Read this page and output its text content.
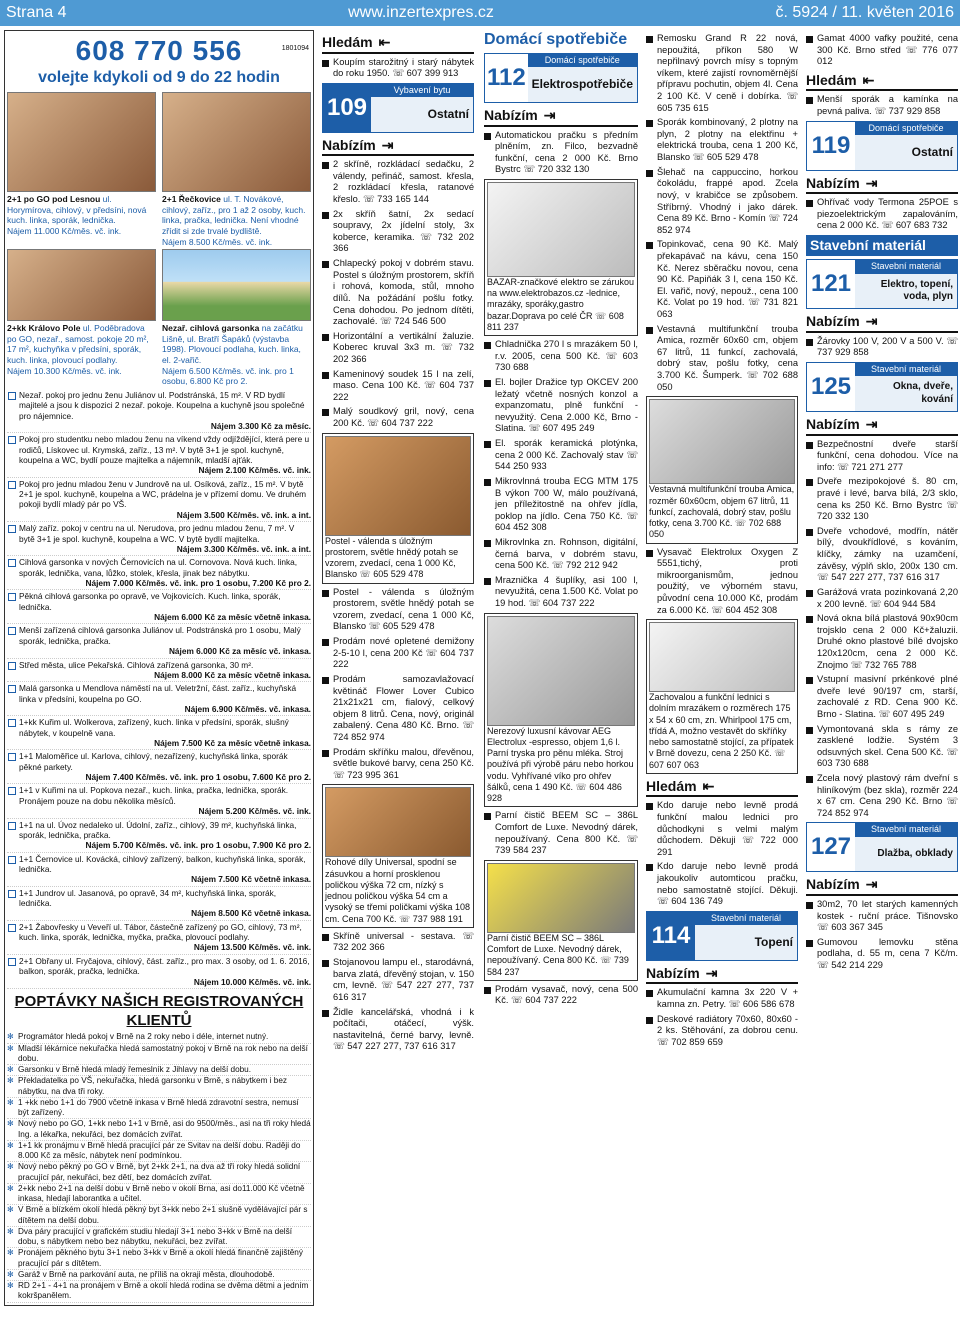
Strana 4	www.inzertexpres.cz	č. 5924 / 11. květen 2016
1801094
608 770 556
volejte kdykoli od 9 do 22 hodin
2+1 po GO pod Lesnou ul. Horymírova, cihlový, v předsíni, nová kuch. linka, sporák, lednička.
Nájem 11.000 Kč/měs. vč. ink.
2+1 Řečkovice ul. T. Novákové, cihlový, zaříz., pro 1 až 2 osoby, kuch. linka, pračka, lednička. Není vhodné zřídit si zde trvalé bydliště.
Nájem 8.500 Kč/měs. vč. ink.
2+kk Královo Pole ul. Poděbradova po GO, nezař., samost. pokoje 20 m², 17 m², kuchyňka v předsíni, sporák, kuch. linka, plovoucí podlahy.
Nájem 10.300 Kč/měs. vč. ink.
Nezař. cihlová garsonka na začátku Lišně, ul. Bratří Šapáků (výstavba 1998). Plovoucí podlaha, kuch. linka, el. 2-vařič.
Nájem 6.500 Kč/měs. vč. ink. pro 1 osobu, 6.800 Kč pro 2.
Nezař. pokoj pro jednu ženu Juliánov ul. Podstránská, 15 m². V RD bydlí majitelé a jsou k dispozici 2 nezař. pokoje. Koupelna a kuchyně jsou společné pro nájemnice.
Nájem 3.300 Kč za měsíc.
Pokoj pro studentku nebo mladou ženu na víkend vždy odjíždějící, která pere u rodičů, Lískovec ul. Krymská, zaříz., 13 m². V bytě 3+1 je spol. kuchyně, koupelna a WC, bydlí pouze majitelka a nájemník, mladší ajťák.
Nájem 2.100 Kč/měs. vč. ink.
Pokoj pro jednu mladou ženu v Jundrově na ul. Osíková, zaříz., 15 m². V bytě 2+1 je spol. kuchyně, koupelna a WC, prádelna je v přízemí domu. Ve druhém pokoji bydlí mladý pár po VŠ.
Nájem 3.500 Kč/měs. vč. ink. a int.
Malý zaříz. pokoj v centru na ul. Nerudova, pro jednu mladou ženu, 7 m². V bytě 3+1 je spol. kuchyně, koupelna a WC. V bytě bydlí majitelka.
Nájem 3.300 Kč/měs. vč. ink. a int.
Cihlová garsonka v nových Černovicích na ul. Cornovova. Nová kuch. linka, sporák, lednička, vana, lůžko, stolek, křesla, jinak bez nábytku.
Nájem 7.000 Kč/měs. vč. ink. pro 1 osobu, 7.200 Kč pro 2.
Pěkná cihlová garsonka po opravě, ve Vojkovicích. Kuch. linka, sporák, lednička.
Nájem 6.000 Kč za měsíc včetně inkasa.
Menší zařízená cihlová garsonka Juliánov ul. Podstránská pro 1 osobu, Malý sporák, lednička, pračka.
Nájem 6.000 Kč za měsíc vč. inkasa.
Střed města, ulice Pekařská. Cihlová zařízená garsonka, 30 m².
Nájem 8.000 Kč za měsíc včetně inkasa.
Malá garsonka u Mendlova náměstí na ul. Veletržní, část. zaříz., kuchyňská linka v předsíni, koupelna po GO.
Nájem 6.900 Kč/měs. vč. inkasa.
1+kk Kuřim ul. Wolkerova, zařízený, kuch. linka v předsíni, sporák, slušný nábytek, v koupelně vana.
Nájem 7.500 Kč za měsíc včetně inkasa.
1+1 Maloměřice ul. Karlova, cihlový, nezařízený, kuchyňská linka, sporák pěkné parkety.
Nájem 7.400 Kč/měs. vč. ink. pro 1 osobu, 7.600 Kč pro 2.
1+1 v Kuřimi na ul. Popkova nezař., kuch. linka, pračka, lednička, sporák. Pronájem pouze na dobu několika měsíců.
Nájem 5.200 Kč/měs. vč. ink.
1+1 na ul. Úvoz nedaleko ul. Údolní, zaříz., cihlový, 39 m², kuchyňská linka, sporák, lednička, pračka.
Nájem 5.700 Kč/měs. vč. ink. pro 1 osobu, 7.900 Kč pro 2.
1+1 Černovice ul. Kovácká, cihlový zařízený, balkon, kuchyňská linka, sporák, lednička.
Nájem 7.500 Kč včetně inkasa.
1+1 Jundrov ul. Jasanová, po opravě, 34 m², kuchyňská linka, sporák, lednička.
Nájem 8.500 Kč včetně inkasa.
2+1 Žabovřesky u Veveří ul. Tábor, částečně zařízený po GO, cihlový, 73 m², kuch. linka, sporák, lednička, myčka, pračka, plovoucí podlahy.
Nájem 13.500 Kč/měs. vč. ink.
2+1 Obřany ul. Fryčajova, cihlový, část. zaříz., pro max. 3 osoby, od 1. 6. 2016, balkon, sporák, pračka, lednička.
Nájem 10.000 Kč/měs. vč. ink.
POPTÁVKY NAŠICH REGISTROVANÝCH KLIENTŮ
✻ Programátor hledá pokoj v Brně na 2 roky nebo i déle, internet nutný.
✻ Mladší lékárnice nekuřačka hledá samostatný pokoj v Brně na rok nebo na delší dobu.
✻ Garsonku v Brně hledá mladý řemeslník z Jihlavy na delší dobu.
✻ Překladatelka po VŠ, nekuřačka, hledá garsonku v Brně, s nábytkem i bez nábytku, na dva tři roky.
✻ 1 +kk nebo 1+1 do 7900 včetně inkasa v Brně hledá zdravotní sestra, nemusí být zařízený.
✻ Nový nebo po GO, 1+kk nebo 1+1 v Brně, asi do 9500/měs., asi na tři roky hledá Ing. a lékařka, nekuřáci, bez domácích zvířat.
✻ 1+1 kk pronájmu v Brně hledá pracující pár ze Svitav na delší dobu. Raději do 8.000 Kč za měsíc, nábytek není podmínkou.
✻ Nový nebo pěkný po GO v Brně, byt 2+kk 2+1, na dva až tři roky hledá solidní pracující pár, nekuřáci, bez dětí, bez domácích zvířat.
✻ 2+kk nebo 2+1 na delší dobu v Brně nebo v okolí Brna, asi do11.000 Kč včetně inkasa, hledají laborantka a učitel.
✻ V Brně a blízkém okolí hledá pěkný byt 3+kk nebo 2+1 slušně vydělávající pár s dítětem na delší dobu.
✻ Dva páry pracující v grafickém studiu hledají 3+1 nebo 3+kk v Brně na delší dobu, s nábytkem nebo bez nábytku, nekuřáci, bez zvířat.
✻ Pronájem pěkného bytu 3+1 nebo 3+kk v Brně a okolí hledá finančně zajištěný pracující pár s dítětem.
✻ Garáž v Brně na parkování auta, ne příliš na okraji města, dlouhodobě.
✻ RD 2+1 - 4+1 na pronájem v Brně a okolí hledá rodina se dvěma dětmi a jedním kokršpanělem.
Hledám ⇤
Koupím starožitný i starý nábytek do roku 1950. ☏ 607 399 913
109
Vybavení bytu
Ostatní
Nabízím ⇥
2 skříně, rozkládací sedačku, 2 válendy, peřináč, samost. křesla, 2 rozkládací křesla, ratanové křeslo. ☏ 733 165 144
2x skříň šatní, 2x sedací soupravy, 2x jídelní stoly, 3x koberce, keramika. ☏ 732 202 366
Chlapecký pokoj v dobrém stavu. Postel s úložným prostorem, skříň i rohová, komoda, stůl, mnoho dílů. Na požádání pošlu fotky. Cena dohodou. Po jednom dítěti, zachovalé. ☏ 724 546 500
Horizontální a vertikální žaluzie. Koberec kruval 3x3 m. ☏ 732 202 366
Kameninový soudek 15 l na zelí, maso. Cena 100 Kč. ☏ 604 737 222
Malý soudkový gril, nový, cena 200 Kč. ☏ 604 737 222
Postel - válenda s úložným prostorem, světle hnědý potah se vzorem, zvedací, cena 1 000 Kč, Blansko ☏ 605 529 478
Postel - válenda s úložným prostorem, světle hnědý potah se vzorem, zvedací, cena 1 000 Kč, Blansko ☏ 605 529 478
Prodám nové opletené demižony 2-5-10 l, cena 200 Kč ☏ 604 737 222
Prodám samozavlažovací květináč Flower Lover Cubico 21x21x21 cm, fialový, celkový objem 8 litrů. Cena, nový, originál zabalený. Cena 480 Kč. Brno. ☏ 724 852 974
Prodám skříňku malou, dřevěnou, světle bukové barvy, cena 250 Kč. ☏ 723 995 361
Rohové díly Universal, spodní se zásuvkou a horní prosklenou poličkou výška 72 cm, nízký s jednou poličkou výška 54 cm a vysoký se třemi poličkami výška 108 cm. Cena 700 Kč. ☏ 737 988 191
Skříně universal - sestava. ☏ 732 202 366
Stojanovou lampu el., starodávná, barva zlatá, dřevěný stojan, v. 150 cm, levně. ☏ 547 227 277, 737 616 317
Židle kancelářská, vhodná i k počítači, otáčecí, výšk. nastavitelná, černé barvy, levně. ☏ 547 227 277, 737 616 317
Domácí spotřebiče
112
Domácí spotřebiče
Elektrospotřebiče
Nabízím ⇥
Automatickou pračku s předním plněním, zn. Filco, bezvadně funkční, cena 2 000 Kč. Brno Bystrc ☏ 720 332 130
BAZAR-značkové elektro se zárukou na www.elektrobazos.cz -lednice, mrazáky, sporáky,gastro bazar.Doprava po celé ČR ☏ 608 811 237
Chladnička 270 l s mrazákem 50 l, r.v. 2005, cena 500 Kč. ☏ 603 730 688
El. bojler Dražice typ OKCEV 200 ležatý včetně nosných konzol a expanzomatu, plně funkční - nevyužitý. Cena 2.000 Kč, Brno - Slatina. ☏ 607 495 249
El. sporák keramická plotýnka, cena 2 000 Kč. Zachovalý stav ☏ 544 250 933
Mikrovlnná trouba ECG MTM 175 B výkon 700 W, málo používaná, jen příležitostně na ohřev jídla, poklop na jídlo. Cena 750 Kč. ☏ 604 452 308
Mikrovlnka zn. Rohnson, digitální, černá barva, v dobrém stavu, cena 500 Kč. ☏ 792 212 942
Mraznička 4 šuplíky, asi 100 l, nevyužitá, cena 1.500 Kč. Volat po 19 hod. ☏ 604 737 222
Nerezový luxusní kávovar AEG Electrolux -espresso, objem 1,6 l. Parní tryska pro pěnu mléka. Stroj používá při výrobě páru nebo horkou vodu. Vyhřívané víko pro ohřev šálků, cena 1 490 Kč. ☏ 604 486 928
Parní čistič BEEM SC – 386L Comfort de Luxe. Nevodný dárek, nepoužívaný. Cena 800 Kč. ☏ 739 584 237
Parní čistič BEEM SC – 386L Comfort de Luxe. Nevodný dárek, nepoužívaný. Cena 800 Kč. ☏ 739 584 237
Prodám vysavač, nový, cena 500 Kč. ☏ 604 737 222
Remosku Grand R 22 nová, nepoužitá, příkon 580 W nepřilnavý povrch mísy s topným víkem, které zajistí rovnoměrnější přípravu pochutin, objem 4l. Cena 2 100 Kč. V ceně i dobírka. ☏ 605 735 615
Sporák kombinovaný, 2 plotny na plyn, 2 plotny na elektřinu + elektrická trouba, cena 1 200 Kč, Blansko ☏ 605 529 478
Šlehač na cappuccino, horkou čokoládu, frappé apod. Zcela nový, v krabičce se způsobem. Stříbrný. Vhodný i jako dárek. Cena 89 Kč. Brno - Komín ☏ 724 852 974
Topinkovač, cena 90 Kč. Malý překapávač na kávu, cena 150 Kč. Nerez sběračku novou, cena 90 Kč. Papiňák 3 l, cena 150 Kč. El. vařič, nový, nepouž., cena 100 Kč. Volat po 19 hod. ☏ 731 821 063
Vestavná multifunkční trouba Amica, rozměr 60x60 cm, objem 67 litrů, 11 funkcí, zachovalá, dobrý stav, pošlu fotky, cena 3.700 Kč. Šumperk. ☏ 702 688 050
Vestavná multifunkční trouba Amica, rozměr 60x60cm, objem 67 litrů, 11 funkcí, zachovalá, dobrý stav, pošlu fotky, cena 3.700 Kč. ☏ 702 688 050
Vysavač Elektrolux Oxygen Z 5551,tichý, proti mikroorganismům, jednou použitý, ve výborném stavu, původní cena 10.000 Kč, prodám za 6.000 Kč. ☏ 604 452 308
Zachovalou a funkční lednici s dolním mrazákem o rozměrech 175 x 54 x 60 cm, zn. Whirlpool 175 cm, třídá A, možno vestavět do skříňky nebo samostatně stojící, za přípatek v Brně dovezu, cena 2 250 Kč. ☏ 607 607 063
Hledám ⇤
Kdo daruje nebo levně prodá funkční malou lednici pro důchodkyni s velmi malým důchodem. Děkuji ☏ 722 000 291
Kdo daruje nebo levně prodá jakoukoliv automticou pračku, nebo samostatně stojící. Děkuji. ☏ 604 136 749
114
Stavební materiál
Topení
Nabízím ⇥
Akumulační kamna 3x 220 V + kamna zn. Petry. ☏ 606 586 678
Deskové radiátory 70x60, 80x60 - 2 ks. Stěhování, za dobrou cenu. ☏ 702 859 659
Gamat 4000 vafky použité, cena 300 Kč. Brno střed ☏ 776 077 012
Hledám ⇤
Menší sporák a kamínka na pevná paliva. ☏ 737 929 858
119
Domácí spotřebiče
Ostatní
Nabízím ⇥
Ohřívač vody Termona 25POE s piezoelektrickým zapalováním, cena 2 000 Kč. ☏ 607 683 732
Stavební materiál
121
Stavební materiál
Elektro, topení, voda, plyn
Nabízím ⇥
Žárovky 100 V, 200 V a 500 V. ☏ 737 929 858
125
Stavební materiál
Okna, dveře, kování
Nabízím ⇥
Bezpečnostní dveře starší funkční, cena dohodou. Více na info: ☏ 721 271 277
Dveře mezipokojové š. 80 cm, pravé i levé, barva bílá, 2/3 sklo, cena ks 250 Kč. Brno Bystrc ☏ 720 332 130
Dveře vchodové, modřín, nátěr bílý, dvoukřídlové, s kováním, klíčky, zámky na uzamčení, závěsy, výplň sklo, 200x 130 cm. ☏ 547 227 277, 737 616 317
Garážová vrata pozinkovaná 2,20 x 200 levně. ☏ 604 944 584
Nová okna bílá plastová 90x90cm trojsklo cena 2 000 Kč+žaluzii. Druhé okno plastové bílé dvojsko 120x120cm, cena 2 000 Kč. Znojmo ☏ 732 765 788
Vstupní masivní prkénkové plné dveře levé 90/197 cm, starší, zachovalé z RD. Cena 900 Kč. Brno - Slatina. ☏ 607 495 249
Vymontovaná skla s rámy ze zasklené lodžie. Systém 3 odsuvných skel. Cena 500 Kč. ☏ 603 730 688
Zcela nový plastový rám dveřní s hliníkovým (bez skla), rozměr 224 x 67 cm. Cena 290 Kč. Brno ☏ 724 852 974
127
Stavební materiál
Dlažba, obklady
Nabízím ⇥
30m2, 70 let starých kamenných kostek - ruční práce. Tišnovsko ☏ 603 367 345
Gumovou lemovku stěna podlaha, d. 55 m, cena 7 Kč/m. ☏ 542 214 229
